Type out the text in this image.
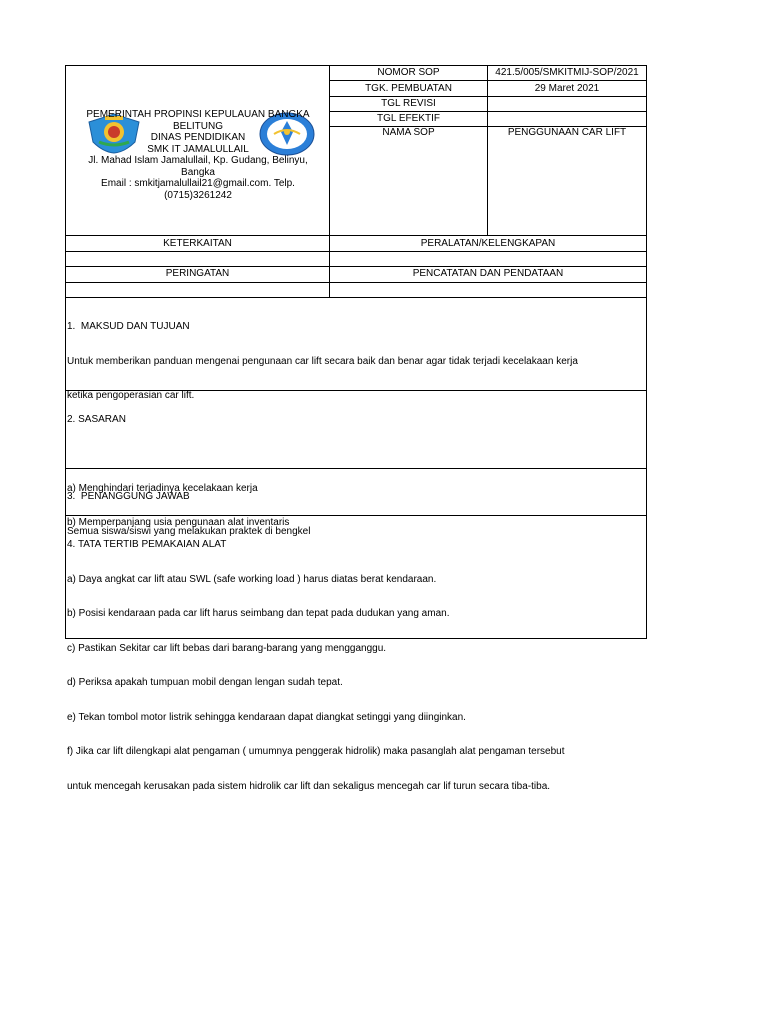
PEMERINTAH PROPINSI KEPULAUAN BANGKA
BELITUNG
DINAS PENDIDIKAN
SMK IT JAMALULLAIL
Jl. Mahad Islam Jamalullail, Kp. Gudang, Belinyu,
Bangka
Email : smkitjamalullail21@gmail.com. Telp.
(0715)3261242
NOMOR SOP	421.5/005/SMKITMIJ-SOP/2021
TGK. PEMBUATAN	29 Maret 2021
TGL REVISI
TGL EFEKTIF
NAMA SOP	PENGGUNAAN CAR LIFT
KETERKAITAN	PERALATAN/KELENGKAPAN
PERINGATAN	PENCATATAN DAN PENDATAAN

1.  MAKSUD DAN TUJUAN

Untuk memberikan panduan mengenai pengunaan car lift secara baik dan benar agar tidak terjadi kecelakaan kerja

ketika pengoperasian car lift.

2. SASARAN

a) Menghindari terjadinya kecelakaan kerja

b) Memperpanjang usia pengunaan alat inventaris

3.  PENANGGUNG JAWAB

Semua siswa/siswi yang melakukan praktek di bengkel

4. TATA TERTIB PEMAKAIAN ALAT

a) Daya angkat car lift atau SWL (safe working load ) harus diatas berat kendaraan.

b) Posisi kendaraan pada car lift harus seimbang dan tepat pada dudukan yang aman.

c) Pastikan Sekitar car lift bebas dari barang-barang yang mengganggu.

d) Periksa apakah tumpuan mobil dengan lengan sudah tepat.

e) Tekan tombol motor listrik sehingga kendaraan dapat diangkat setinggi yang diinginkan.

f) Jika car lift dilengkapi alat pengaman ( umumnya penggerak hidrolik) maka pasanglah alat pengaman tersebut

untuk mencegah kerusakan pada sistem hidrolik car lift dan sekaligus mencegah car lif turun secara tiba-tiba.
